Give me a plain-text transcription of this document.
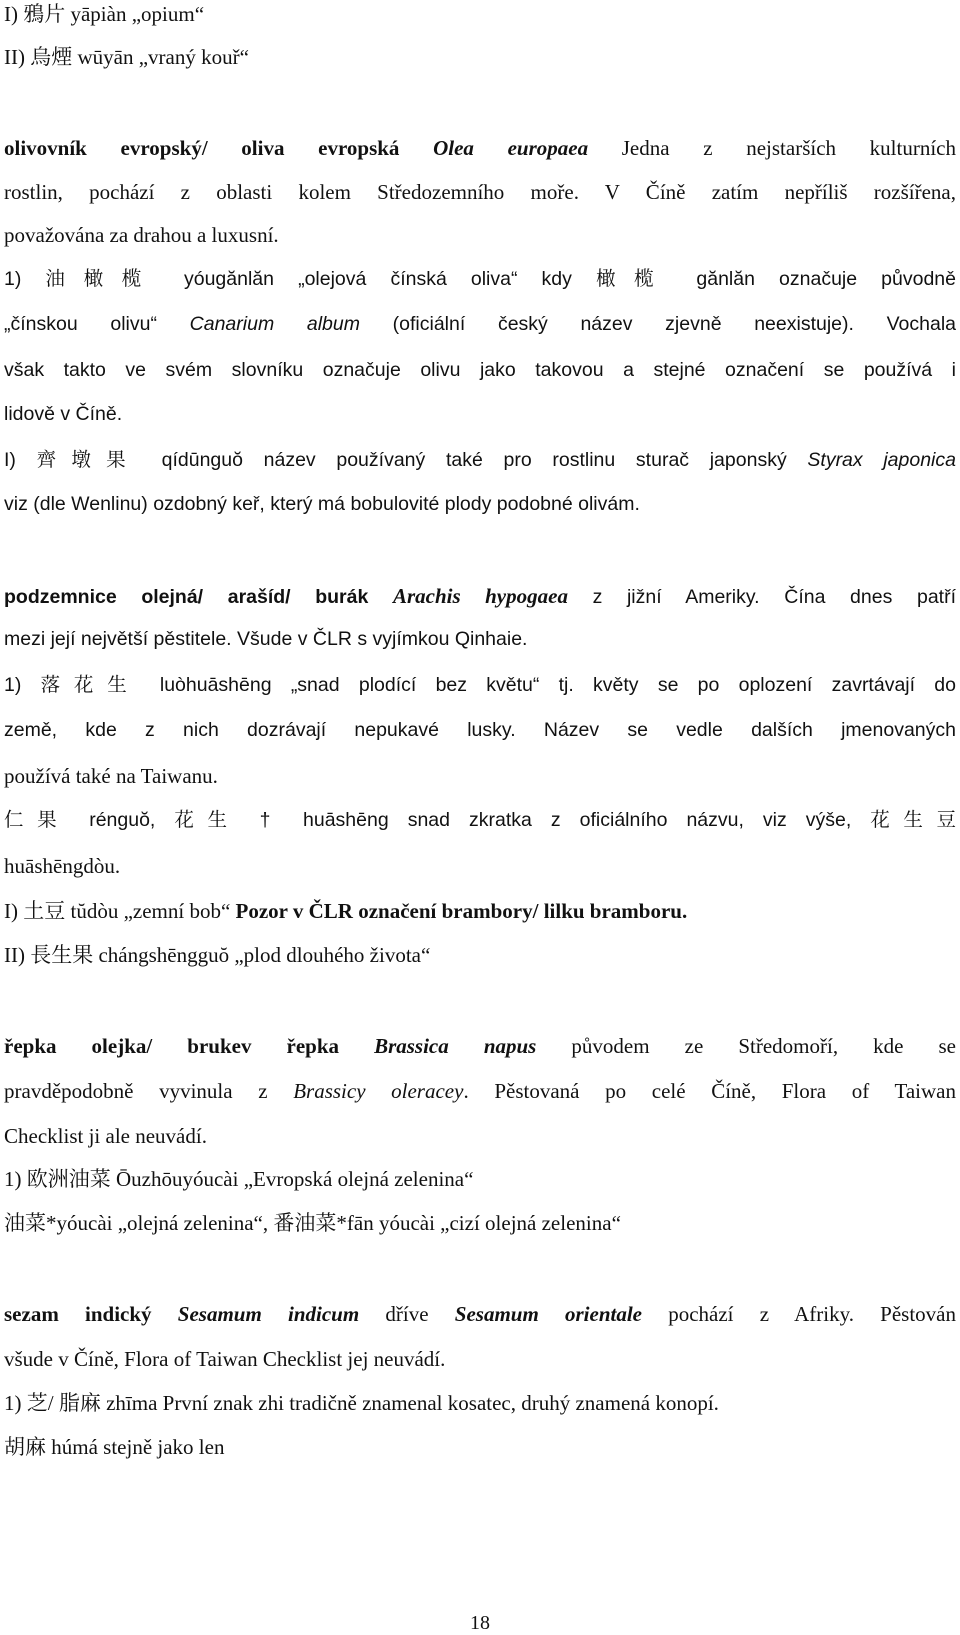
I) 鴉片 yāpiàn „opium“
II) 烏煙 wūyān „vraný kouř“
olivovník evropský/ oliva evropská Olea europaea Jedna z nejstarších kulturních
rostlin, pochází z oblasti kolem Středozemního moře. V Číně zatím nepříliš rozšířena,
považována za drahou a luxusní.
1) 油橄榄 yóugănlăn „olejová čínská oliva“ kdy 橄榄 gănlăn označuje původně
„čínskou olivu“ Canarium album (oficiální český název zjevně neexistuje). Vochala
však takto ve svém slovníku označuje olivu jako takovou a stejné označení se používá i
lidově v Číně.
I) 齊墩果 qídūnguŏ název používaný také pro rostlinu sturač japonský Styrax japonica
viz (dle Wenlinu) ozdobný keř, který má bobulovité plody podobné olivám.
podzemnice olejná/ arašíd/ burák Arachis hypogaea z jižní Ameriky. Čína dnes patří
mezi její největší pěstitele. Všude v ČLR s vyjímkou Qinhaie.
1) 落花生 luòhuāshēng „snad plodící bez květu“ tj. květy se po oplození zavrtávají do
země, kde z nich dozrávají nepukavé lusky. Název se vedle dalších jmenovaných
používá také na Taiwanu.
仁果 rénguŏ, 花生 † huāshēng snad zkratka z oficiálního názvu, viz výše, 花生豆
huāshēngdòu.
I) 土豆 tŭdòu „zemní bob“ Pozor v ČLR označení brambory/ lilku bramboru.
II) 長生果 chángshēngguŏ „plod dlouhého života“
řepka olejka/ brukev řepka Brassica napus původem ze Středomoří, kde se
pravděpodobně vyvinula z Brassicy oleracey. Pěstovaná po celé Číně, Flora of Taiwan
Checklist ji ale neuvádí.
1) 欧洲油菜 Ōuzhōuyóucài „Evropská olejná zelenina“
油菜*yóucài „olejná zelenina“, 番油菜*fān yóucài „cizí olejná zelenina“
sezam indický Sesamum indicum dříve Sesamum orientale pochází z Afriky. Pěstován
všude v Číně, Flora of Taiwan Checklist jej neuvádí.
1) 芝/ 脂麻 zhīma První znak zhi tradičně znamenal kosatec, druhý znamená konopí.
胡麻 húmá stejně jako len
18
